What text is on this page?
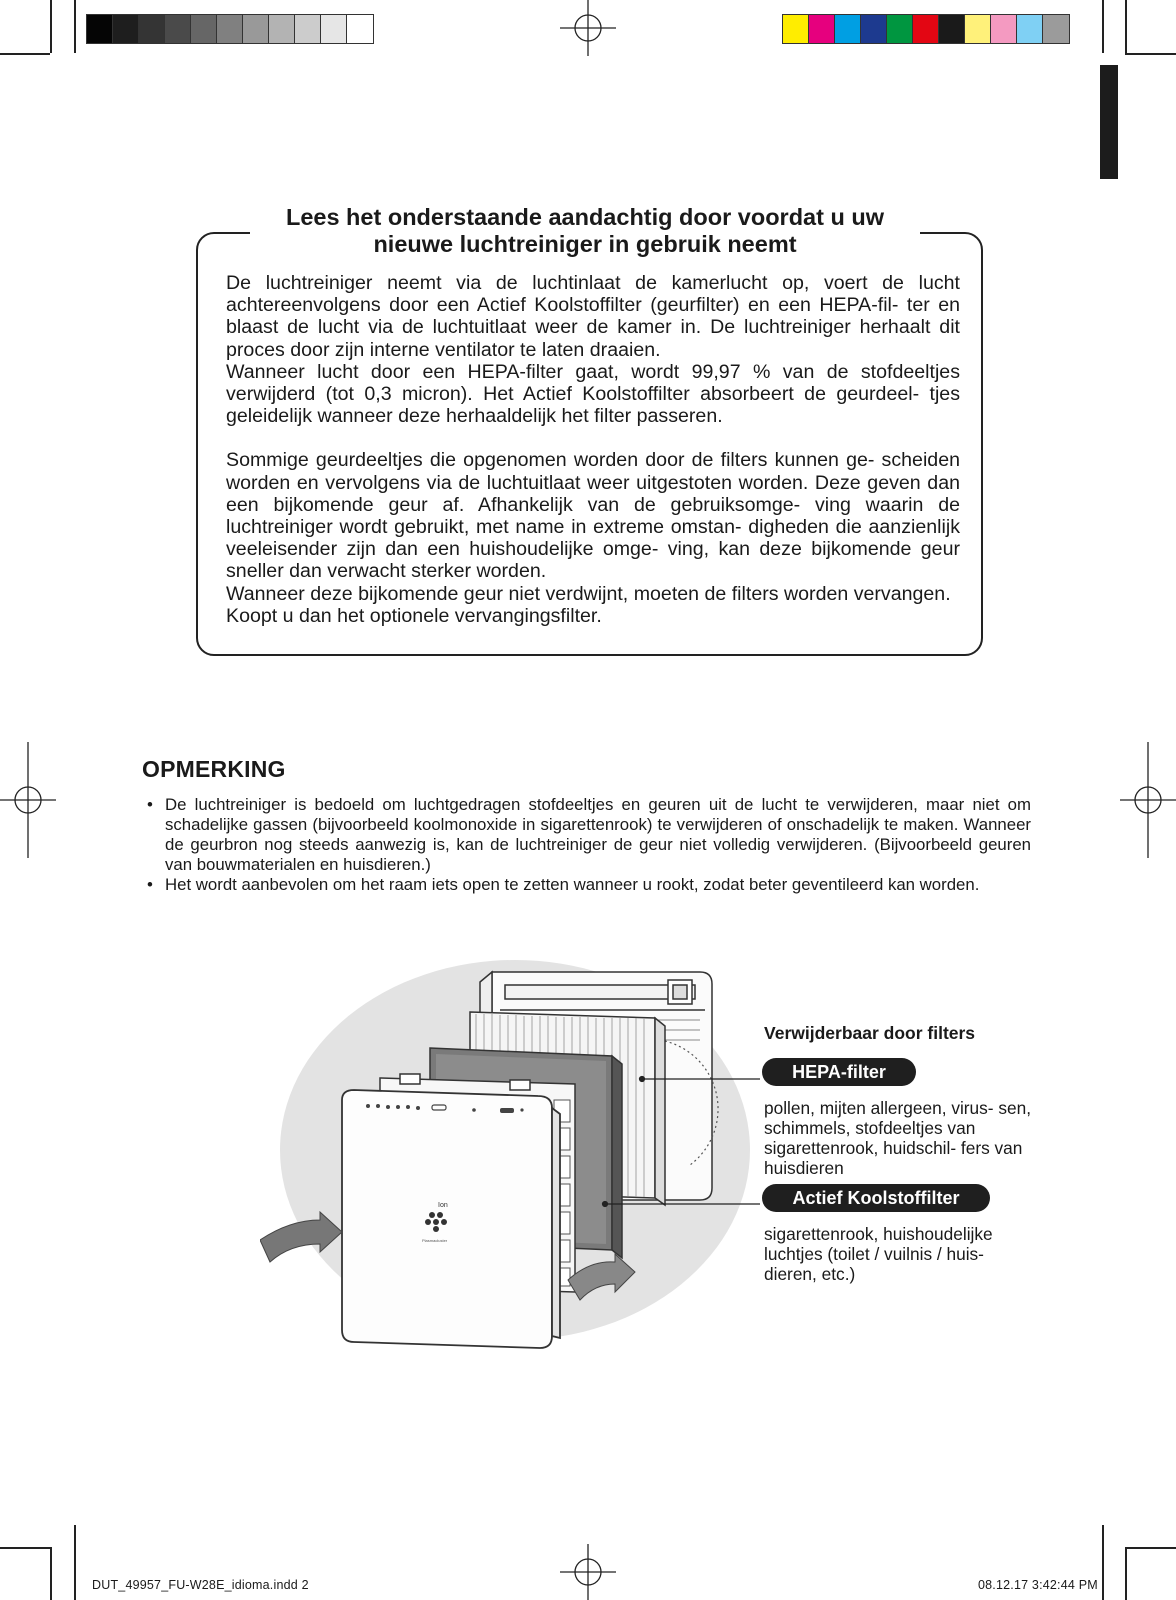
Lees het onderstaande aandachtig door voordat u uw
nieuwe luchtreiniger in gebruik neemt

De luchtreiniger neemt via de luchtinlaat de kamerlucht op, voert de lucht achtereenvolgens door een Actief Koolstoffilter (geurfilter) en een HEPA-fil- ter en blaast de lucht via de luchtuitlaat weer de kamer in. De luchtreiniger herhaalt dit proces door zijn interne ventilator te laten draaien.

Wanneer lucht door een HEPA-filter gaat, wordt 99,97 % van de stofdeeltjes verwijderd (tot 0,3 micron). Het Actief Koolstoffilter absorbeert de geurdeel- tjes geleidelijk wanneer deze herhaaldelijk het filter passeren.

Sommige geurdeeltjes die opgenomen worden door de filters kunnen ge- scheiden worden en vervolgens via de luchtuitlaat weer uitgestoten worden. Deze geven dan een bijkomende geur af. Afhankelijk van de gebruiksomge- ving waarin de luchtreiniger wordt gebruikt, met name in extreme omstan- digheden die aanzienlijk veeleisender zijn dan een huishoudelijke omge- ving, kan deze bijkomende geur sneller dan verwacht sterker worden.

Wanneer deze bijkomende geur niet verdwijnt, moeten de filters worden vervangen.

Koopt u dan het optionele vervangingsfilter.

OPMERKING
• De luchtreiniger is bedoeld om luchtgedragen stofdeeltjes en geuren uit de lucht te verwijderen, maar niet om schadelijke gassen (bijvoorbeeld koolmonoxide in sigarettenrook) te verwijderen of onschadelijk te maken. Wanneer de geurbron nog steeds aanwezig is, kan de luchtreiniger de geur niet volledig verwijderen. (Bijvoorbeeld geuren van bouwmaterialen en huisdieren.)
• Het wordt aanbevolen om het raam iets open te zetten wanneer u rookt, zodat beter geventileerd kan worden.
Ion
Plasmacluster
Verwijderbaar door filters
HEPA-filter
pollen, mijten allergeen, virus- sen, schimmels, stofdeeltjes van sigarettenrook, huidschil- fers van huisdieren
Actief Koolstoffilter
sigarettenrook, huishoudelijke luchtjes (toilet / vuilnis / huis- dieren, etc.)
DUT_49957_FU-W28E_idioma.indd 2	08.12.17 3:42:44 PM
